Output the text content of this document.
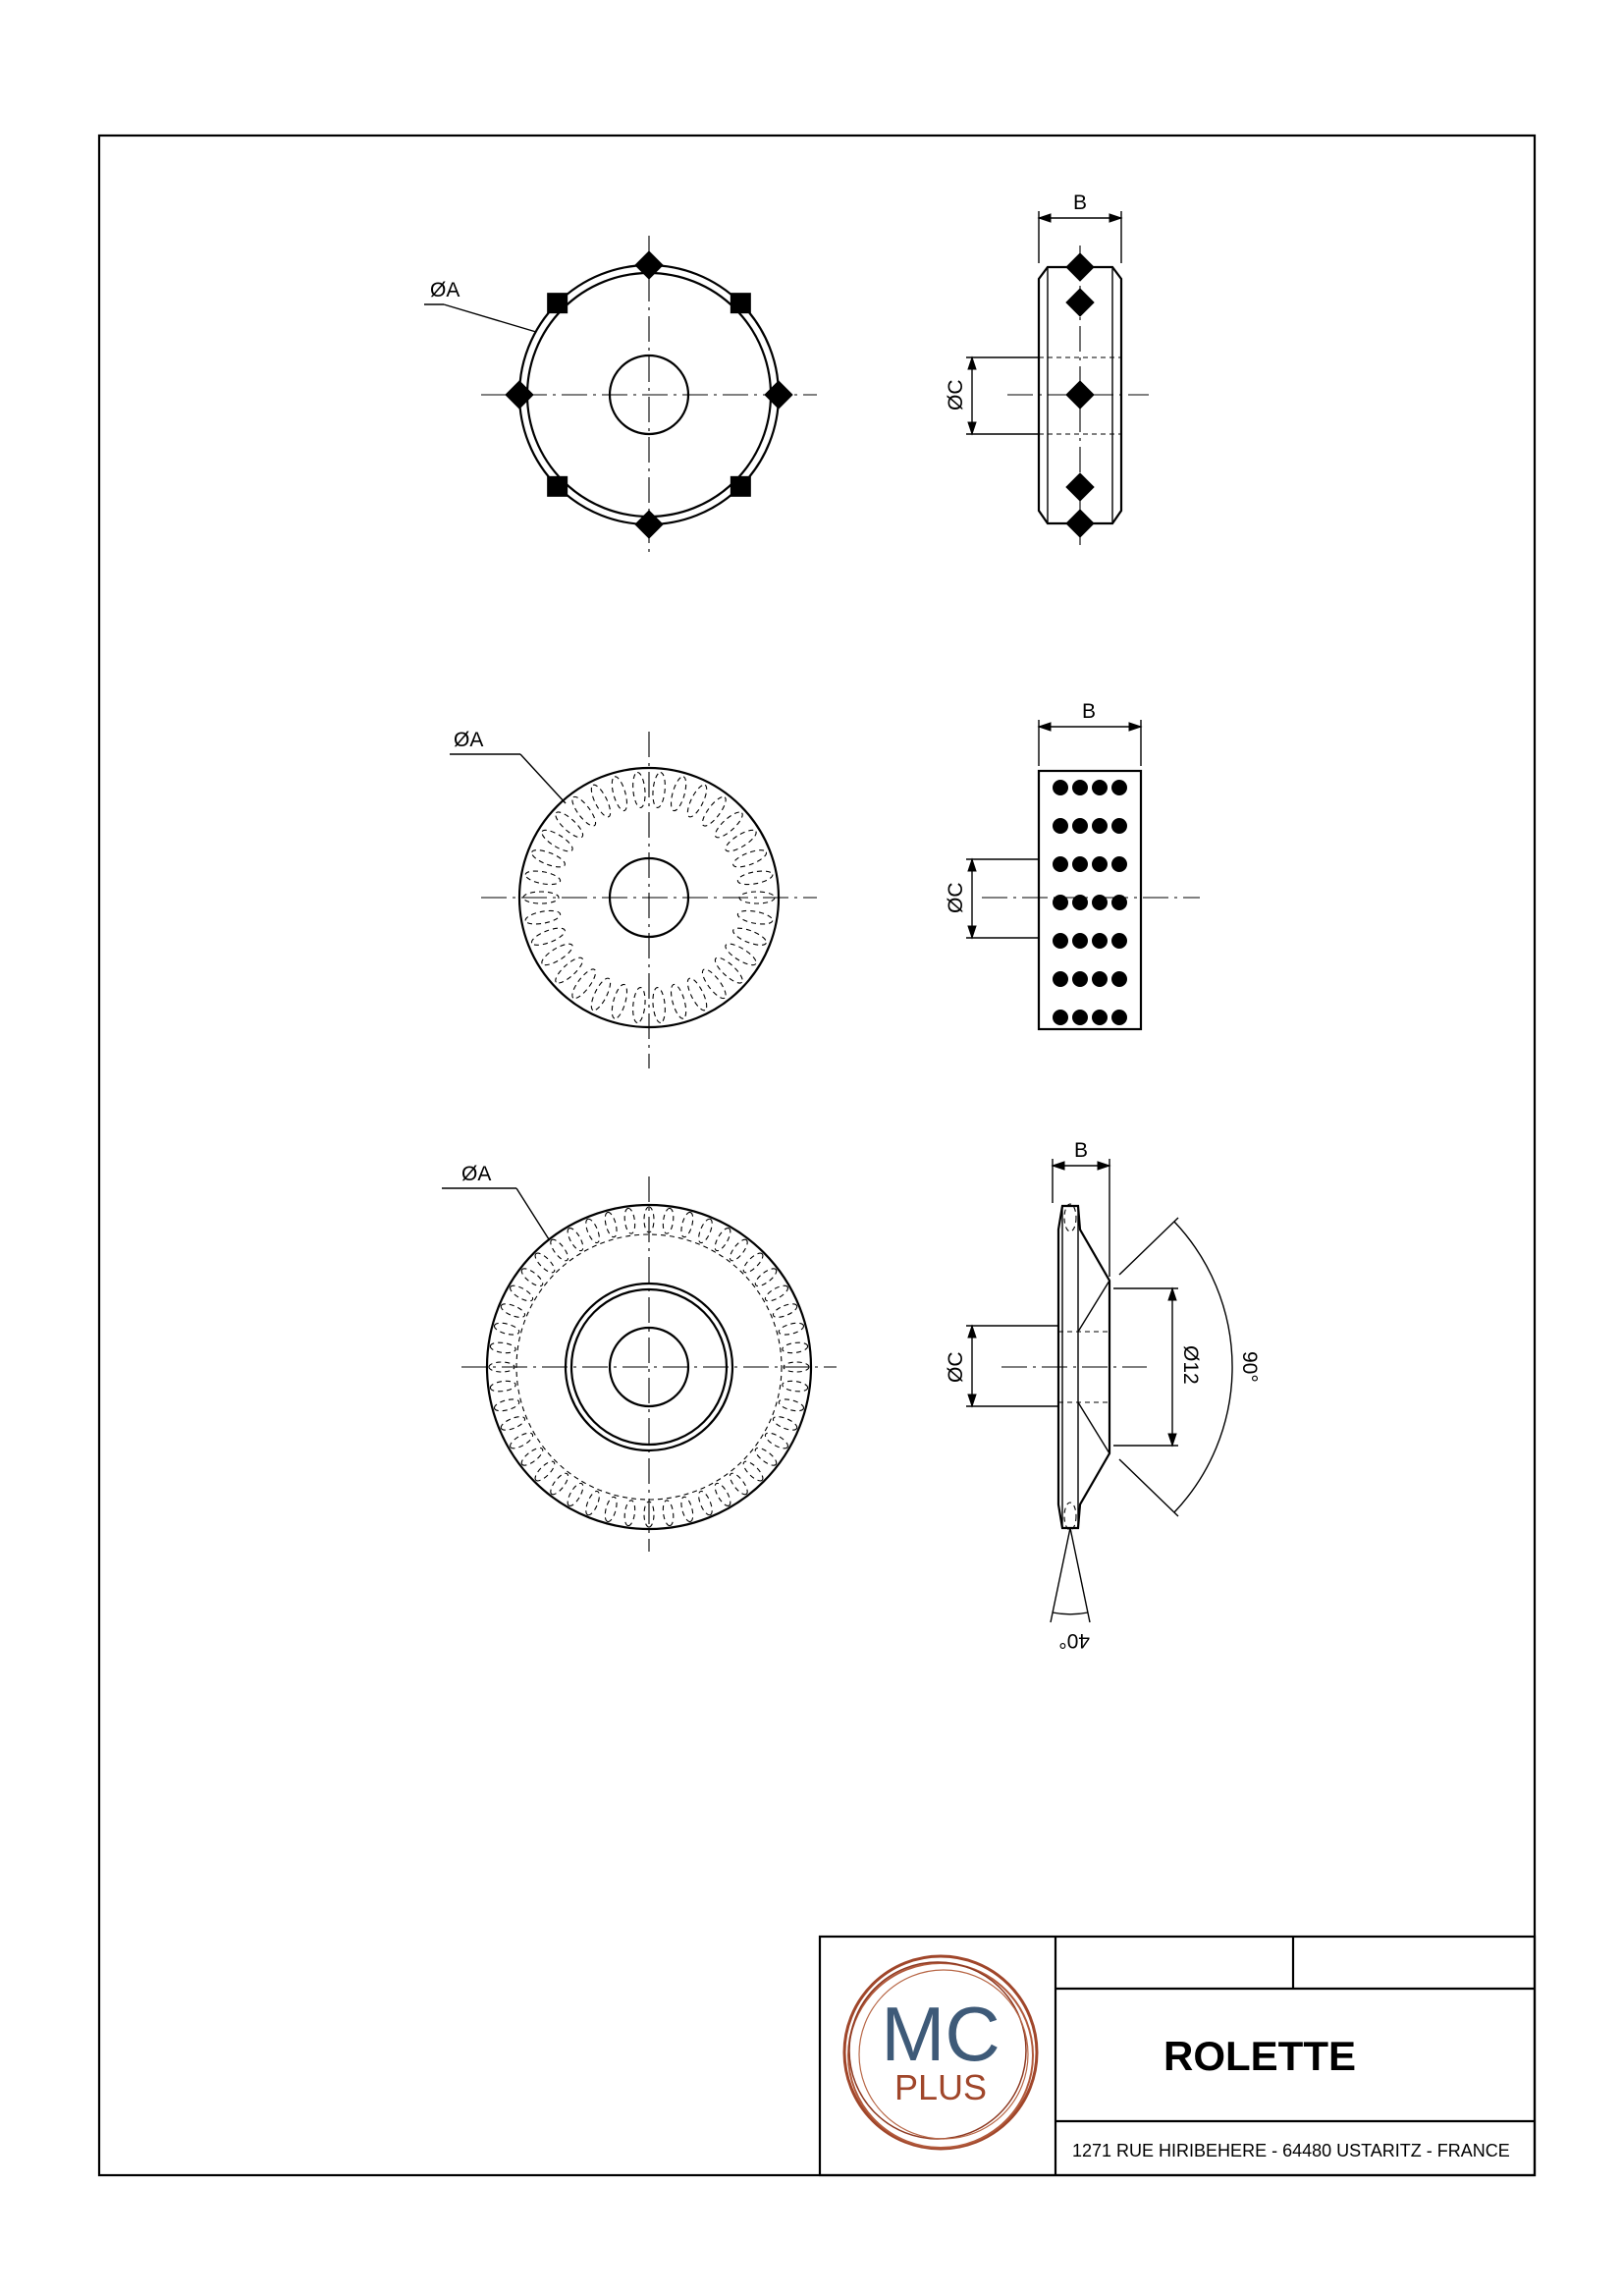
ØA
B
ØC
ØA
B
ØC
ØA
B
ØC	Ø12 90°
40°
ROLETTE
1271 RUE HIRIBEHERE - 64480 USTARITZ - FRANCE
MC
PLUS
